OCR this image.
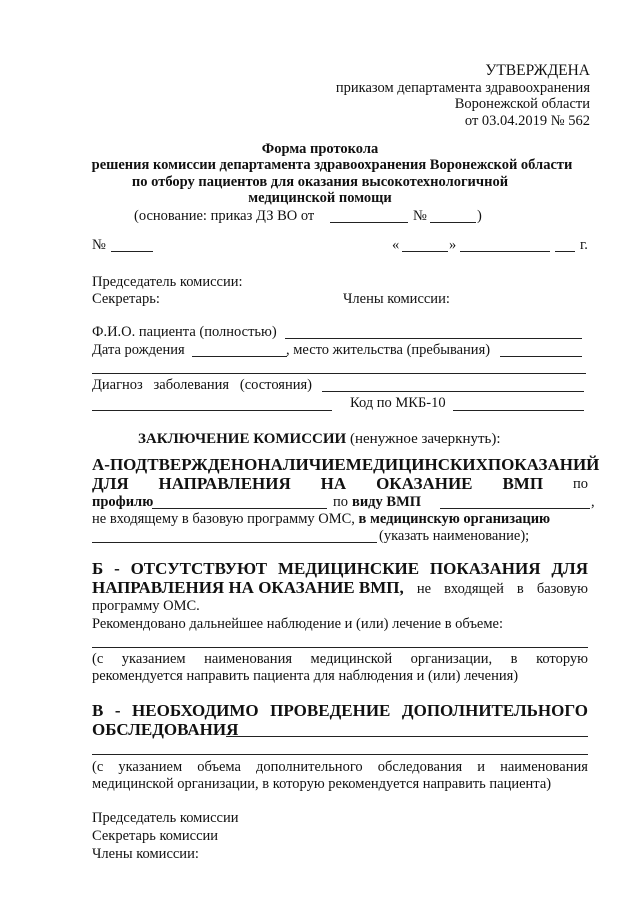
УТВЕРЖДЕНА
приказом департамента здравоохранения
Воронежской области
от 03.04.2019 № 562
Форма протокола
решения комиссии департамента здравоохранения Воронежской области
по отбору пациентов для оказания высокотехнологичной
медицинской помощи
(основание: приказ ДЗ ВО от	№	)
№	«	»	г.
Председатель комиссии:
Секретарь:	Члены комиссии:
Ф.И.О. пациента (полностью)
Дата рождения	, место жительства (пребывания)
Диагноз заболевания (состояния)
Код по МКБ-10
ЗАКЛЮЧЕНИЕ КОМИССИИ (ненужное зачеркнуть):
А - ПОДТВЕРЖДЕНО НАЛИЧИЕ МЕДИЦИНСКИХ ПОКАЗАНИЙ
ДЛЯ НАПРАВЛЕНИЯ НА ОКАЗАНИЕ ВМП по
профилю	по виду ВМП	,
не входящему в базовую программу ОМС, в медицинскую организацию
(указать наименование);
Б - ОТСУТСТВУЮТ МЕДИЦИНСКИЕ ПОКАЗАНИЯ ДЛЯ
НАПРАВЛЕНИЯ НА ОКАЗАНИЕ ВМП, не входящей в базовую
программу ОМС.
Рекомендовано дальнейшее наблюдение и (или) лечение в объеме:
(с указанием наименования медицинской организации, в которую
рекомендуется направить пациента для наблюдения и (или) лечения)
В - НЕОБХОДИМО ПРОВЕДЕНИЕ ДОПОЛНИТЕЛЬНОГО
ОБСЛЕДОВАНИЯ
(с указанием объема дополнительного обследования и наименования
медицинской организации, в которую рекомендуется направить пациента)
Председатель комиссии
Секретарь комиссии
Члены комиссии:
